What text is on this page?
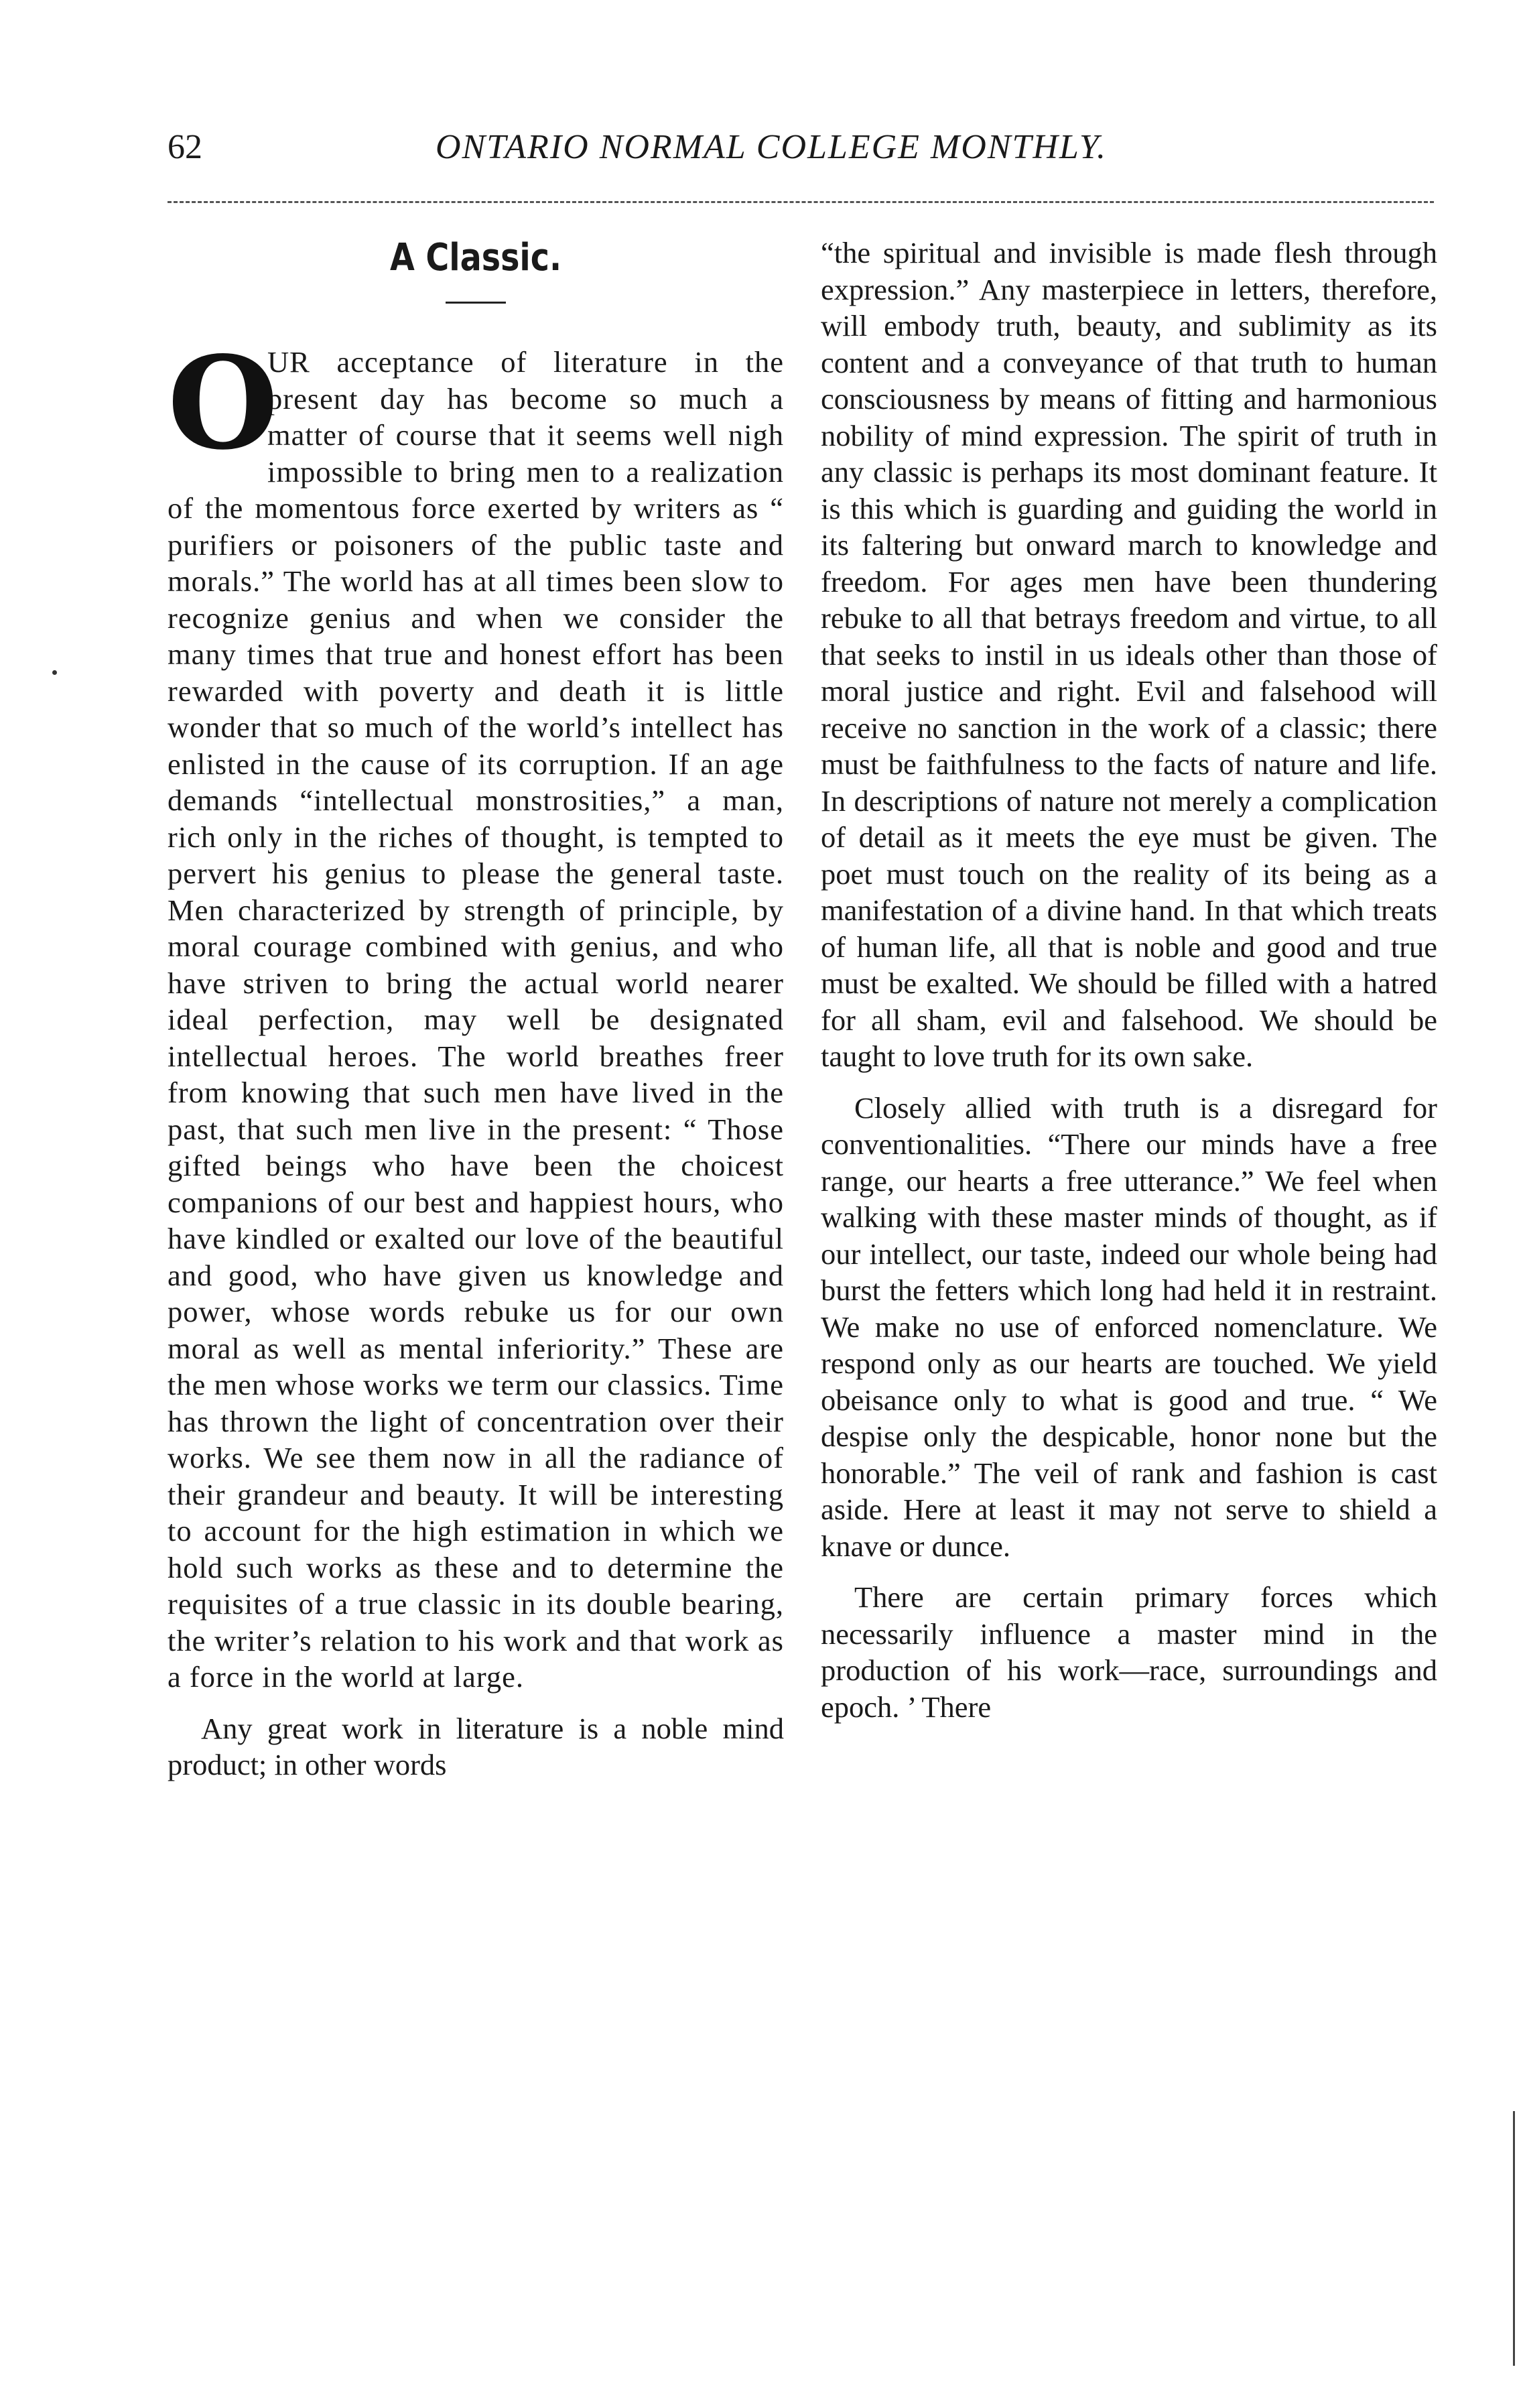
62	ONTARIO NORMAL COLLEGE MONTHLY.
A Classic.

O
UR acceptance of literature in the present day has become so much a matter of course that it seems well nigh impossible to bring men to a realization of the momentous force exerted by writers as “ purifiers or poisoners of the public taste and morals.” The world has at all times been slow to recognize genius and when we consider the many times that true and honest effort has been rewarded with poverty and death it is little wonder that so much of the world’s intellect has enlisted in the cause of its corruption. If an age demands “intellectual monstrosities,” a man, rich only in the riches of thought, is tempted to pervert his genius to please the general taste. Men characterized by strength of principle, by moral courage combined with genius, and who have striven to bring the actual world nearer ideal perfection, may well be designated intellectual heroes. The world breathes freer from knowing that such men have lived in the past, that such men live in the present: “ Those gifted beings who have been the choicest companions of our best and happiest hours, who have kindled or exalted our love of the beautiful and good, who have given us knowledge and power, whose words rebuke us for our own moral as well as mental inferiority.” These are the men whose works we term our classics. Time has thrown the light of concentration over their works. We see them now in all the radiance of their grandeur and beauty. It will be interesting to account for the high estimation in which we hold such works as these and to determine the requisites of a true classic in its double bearing, the writer’s relation to his work and that work as a force in the world at large.

Any great work in literature is a noble mind product; in other words

“the spiritual and invisible is made flesh through expression.” Any masterpiece in letters, therefore, will embody truth, beauty, and sublimity as its content and a conveyance of that truth to human consciousness by means of fitting and harmonious nobility of mind expression. The spirit of truth in any classic is perhaps its most dominant feature. It is this which is guarding and guiding the world in its faltering but onward march to knowledge and freedom. For ages men have been thundering rebuke to all that betrays freedom and virtue, to all that seeks to instil in us ideals other than those of moral justice and right. Evil and falsehood will receive no sanction in the work of a classic; there must be faithfulness to the facts of nature and life. In descriptions of nature not merely a complication of detail as it meets the eye must be given. The poet must touch on the reality of its being as a manifestation of a divine hand. In that which treats of human life, all that is noble and good and true must be exalted. We should be filled with a hatred for all sham, evil and falsehood. We should be taught to love truth for its own sake.

Closely allied with truth is a disregard for conventionalities. “There our minds have a free range, our hearts a free utterance.” We feel when walking with these master minds of thought, as if our intellect, our taste, indeed our whole being had burst the fetters which long had held it in restraint. We make no use of enforced nomenclature. We respond only as our hearts are touched. We yield obeisance only to what is good and true. “ We despise only the despicable, honor none but the honorable.” The veil of rank and fashion is cast aside. Here at least it may not serve to shield a knave or dunce.

There are certain primary forces which necessarily influence a master mind in the production of his work—race, surroundings and epoch. ’ There
